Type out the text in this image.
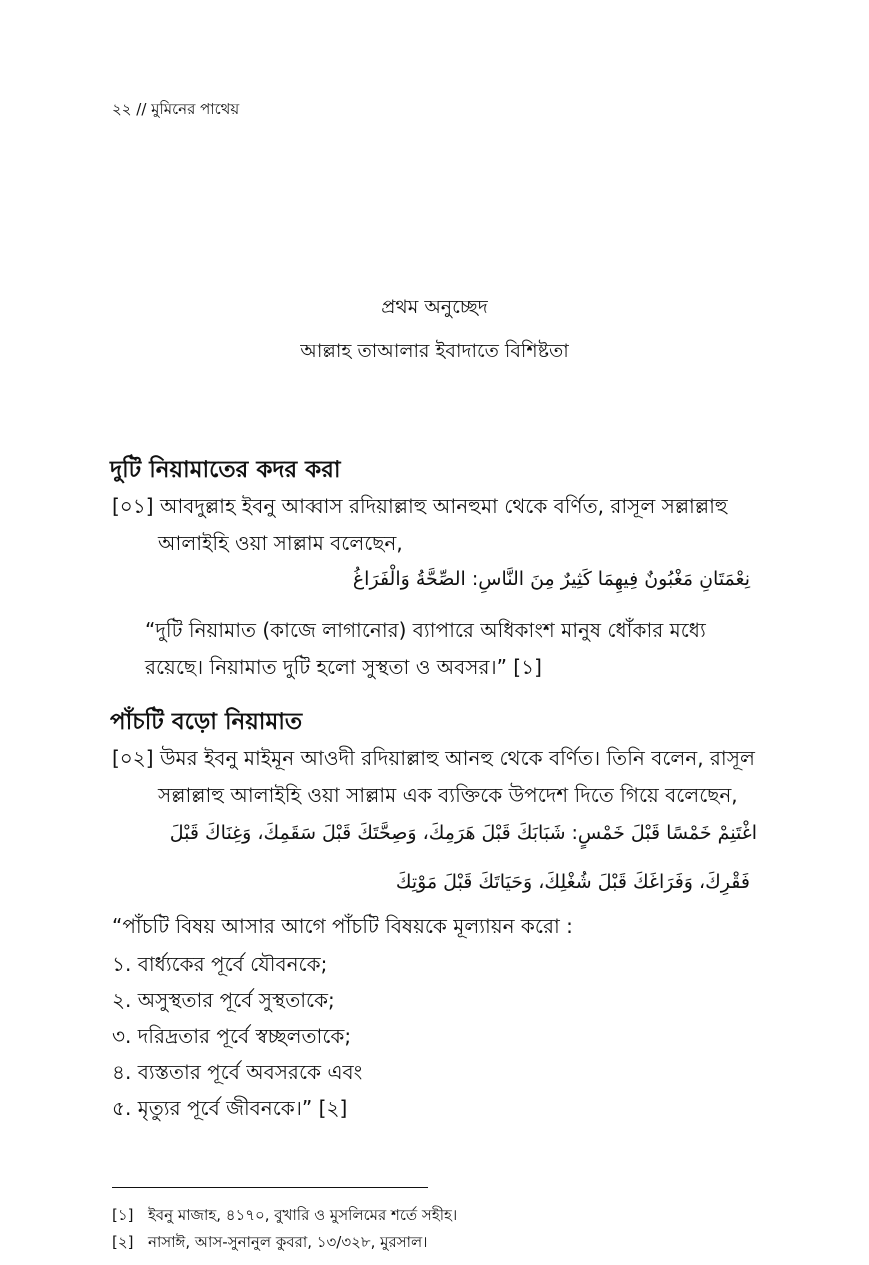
২২ // মুমিনের পাথেয়
প্রথম অনুচ্ছেদ
আল্লাহ তাআলার ইবাদাতে বিশিষ্টতা
দুটি নিয়ামাতের কদর করা
[০১] আবদুল্লাহ ইবনু আব্বাস রদিয়াল্লাহু আনহুমা থেকে বর্ণিত, রাসূল সল্লাল্লাহু
আলাইহি ওয়া সাল্লাম বলেছেন,
نِعْمَتَانِ مَغْبُونٌ فِيهِمَا كَثِيرٌ مِنَ النَّاسِ: الصِّحَّةُ وَالْفَرَاغُ
“দুটি নিয়ামাত (কাজে লাগানোর) ব্যাপারে অধিকাংশ মানুষ ধোঁকার মধ্যে
রয়েছে। নিয়ামাত দুটি হলো সুস্থতা ও অবসর।” [১]
পাঁচটি বড়ো নিয়ামাত
[০২] উমর ইবনু মাইমূন আওদী রদিয়াল্লাহু আনহু থেকে বর্ণিত। তিনি বলেন, রাসূল
সল্লাল্লাহু আলাইহি ওয়া সাল্লাম এক ব্যক্তিকে উপদেশ দিতে গিয়ে বলেছেন,
اغْتَنِمْ خَمْسًا قَبْلَ خَمْسٍ: شَبَابَكَ قَبْلَ هَرَمِكَ، وَصِحَّتَكَ قَبْلَ سَقَمِكَ، وَغِنَاكَ قَبْلَ
فَقْرِكَ، وَفَرَاغَكَ قَبْلَ شُغْلِكَ، وَحَيَاتَكَ قَبْلَ مَوْتِكَ
“পাঁচটি বিষয় আসার আগে পাঁচটি বিষয়কে মূল্যায়ন করো :
১. বার্ধ্যকের পূর্বে যৌবনকে;
২. অসুস্থতার পূর্বে সুস্থতাকে;
৩. দরিদ্রতার পূর্বে স্বচ্ছলতাকে;
৪. ব্যস্ততার পূর্বে অবসরকে এবং
৫. মৃত্যুর পূর্বে জীবনকে।” [২]
[১] ইবনু মাজাহ, ৪১৭০, বুখারি ও মুসলিমের শর্তে সহীহ।
[২] নাসাঈ, আস-সুনানুল কুবরা, ১৩/৩২৮, মুরসাল।
